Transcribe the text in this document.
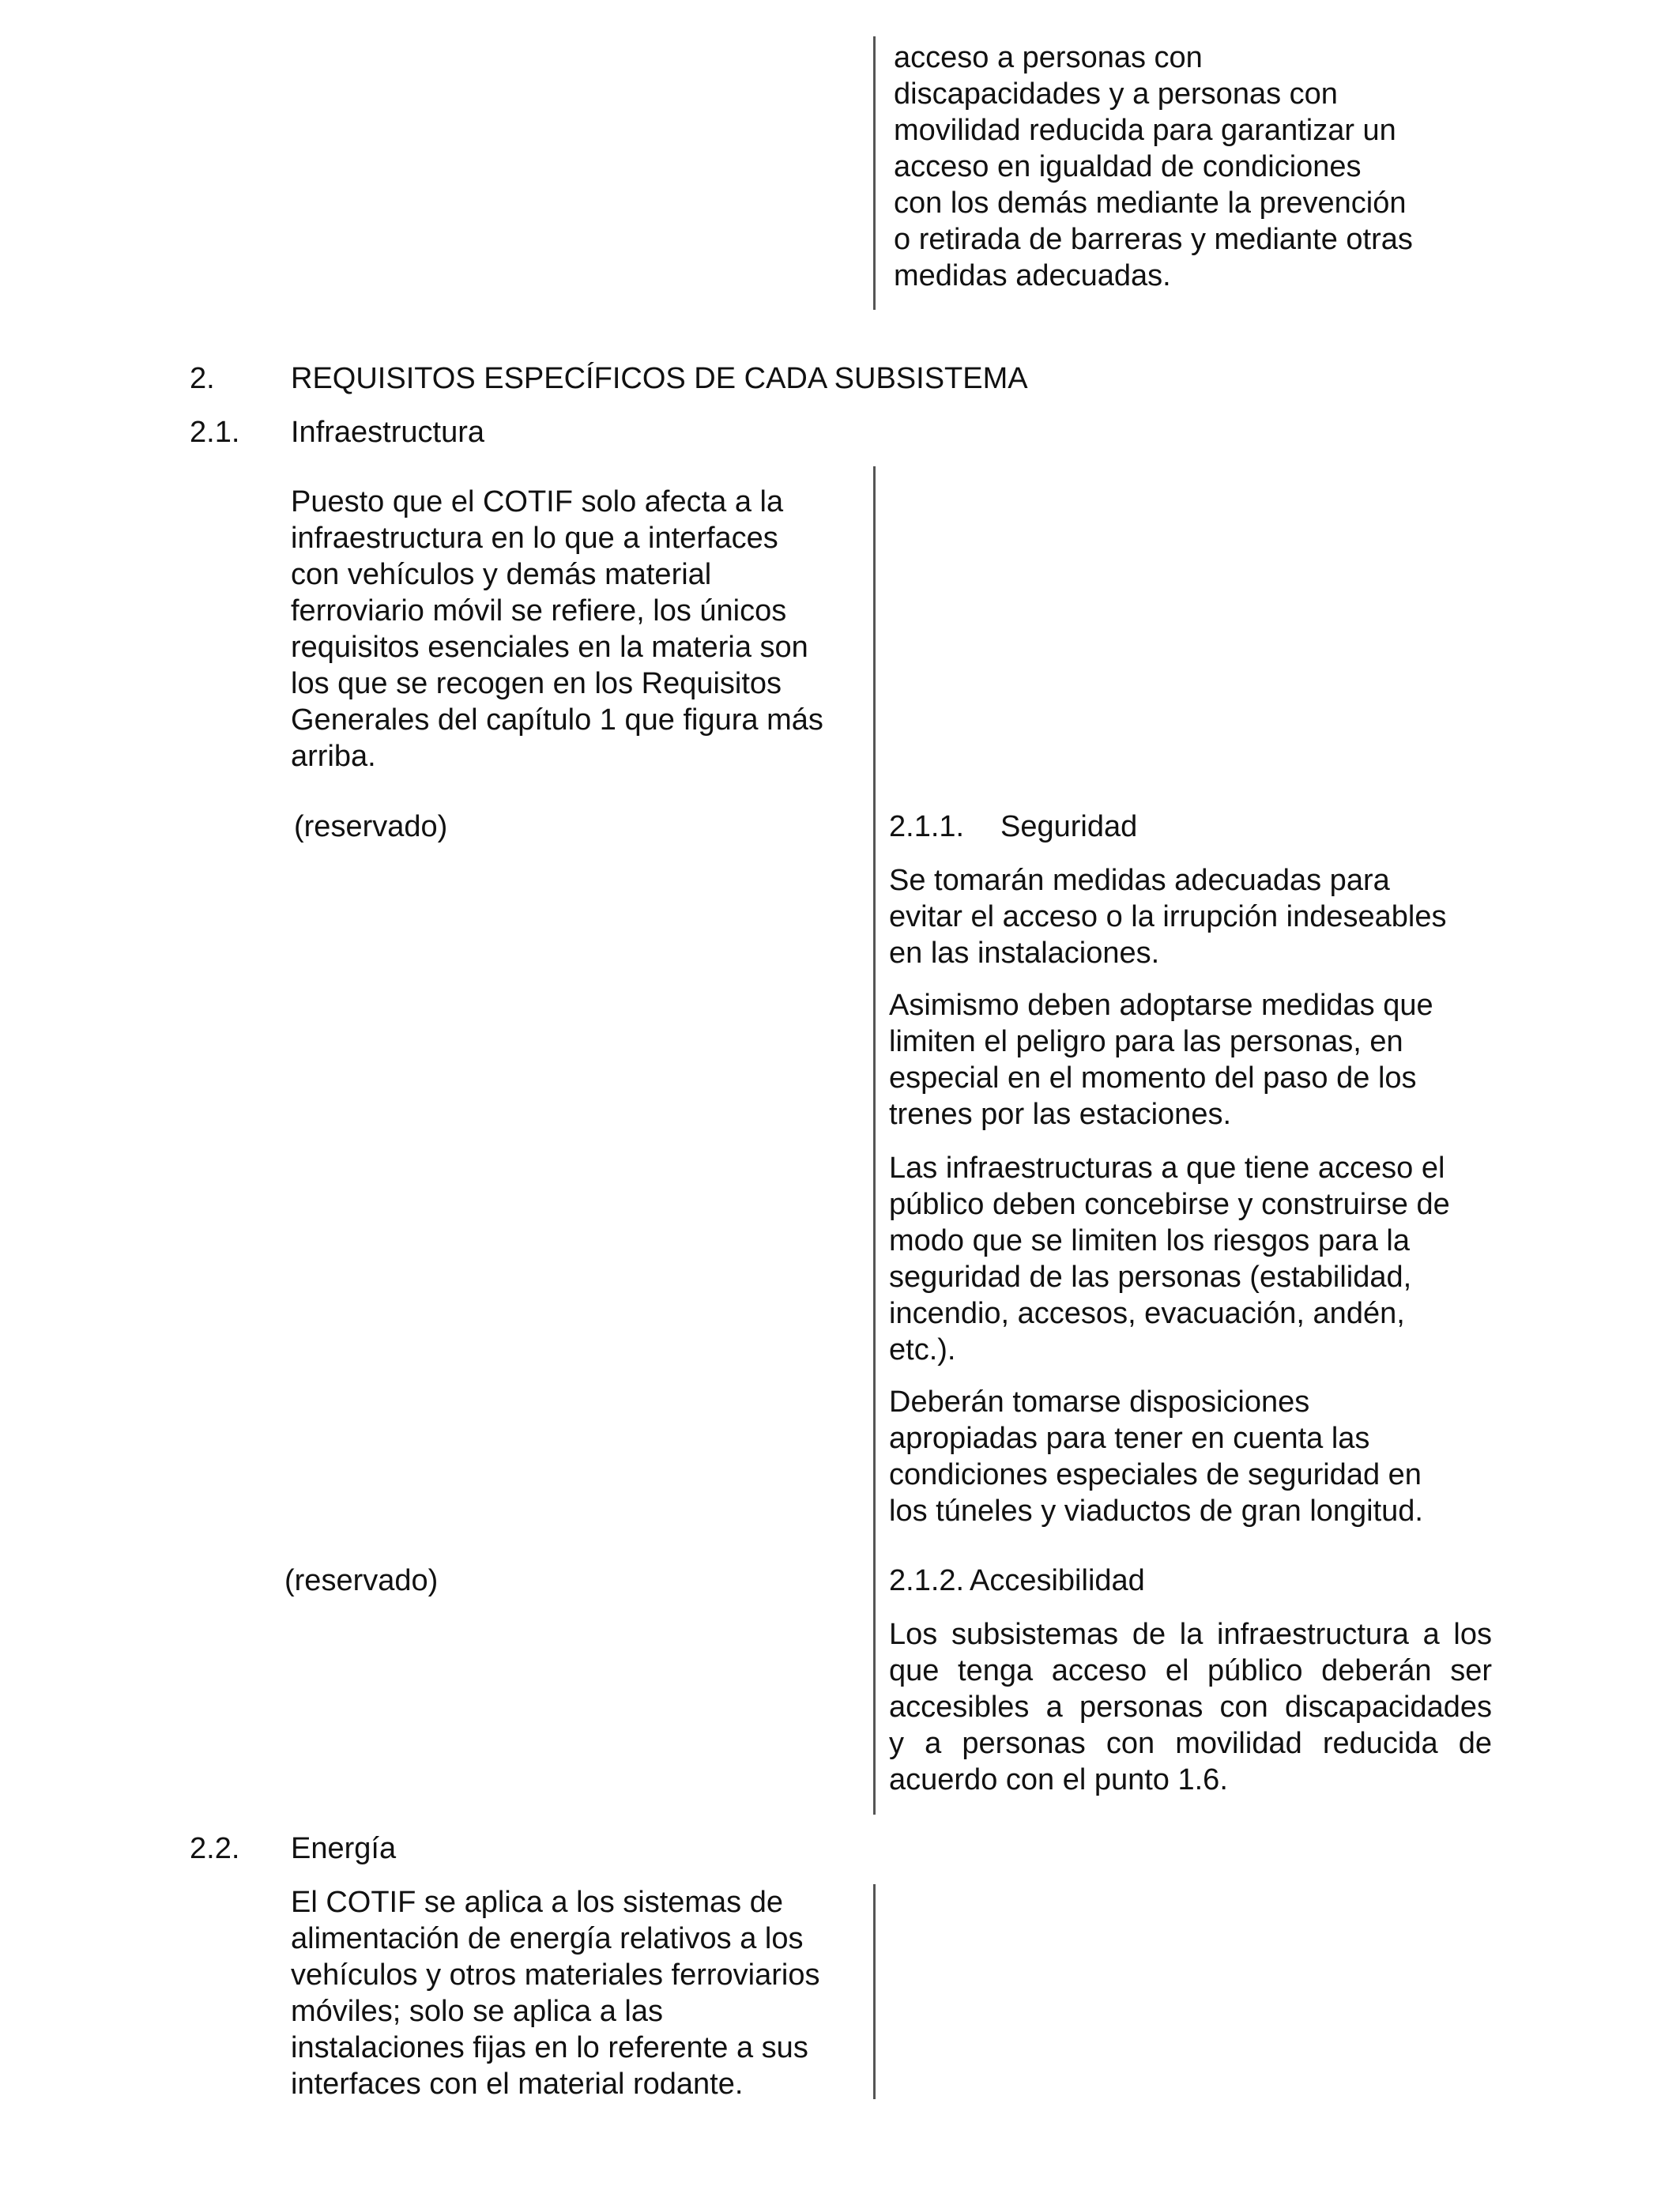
acceso a personas con
discapacidades y a personas con
movilidad reducida para garantizar un
acceso en igualdad de condiciones
con los demás mediante la prevención
o retirada de barreras y mediante otras
medidas adecuadas.
2.	REQUISITOS ESPECÍFICOS DE CADA SUBSISTEMA
2.1. Infraestructura
Puesto que el COTIF solo afecta a la
infraestructura en lo que a interfaces
con vehículos y demás material
ferroviario móvil se refiere, los únicos
requisitos esenciales en la materia son
los que se recogen en los Requisitos
Generales del capítulo 1 que figura más
arriba.
(reservado)	2.1.1. Seguridad
Se tomarán medidas adecuadas para
evitar el acceso o la irrupción indeseables
en las instalaciones.
Asimismo deben adoptarse medidas que
limiten el peligro para las personas, en
especial en el momento del paso de los
trenes por las estaciones.
Las infraestructuras a que tiene acceso el
público deben concebirse y construirse de
modo que se limiten los riesgos para la
seguridad de las personas (estabilidad,
incendio, accesos, evacuación, andén,
etc.).
Deberán tomarse disposiciones
apropiadas para tener en cuenta las
condiciones especiales de seguridad en
los túneles y viaductos de gran longitud.
(reservado)	2.1.2. Accesibilidad
Los subsistemas de la infraestructura a los
que tenga acceso el público deberán ser
accesibles a personas con discapacidades
y a personas con movilidad reducida de
acuerdo con el punto 1.6.
2.2. Energía
El COTIF se aplica a los sistemas de
alimentación de energía relativos a los
vehículos y otros materiales ferroviarios
móviles; solo se aplica a las
instalaciones fijas en lo referente a sus
interfaces con el material rodante.
